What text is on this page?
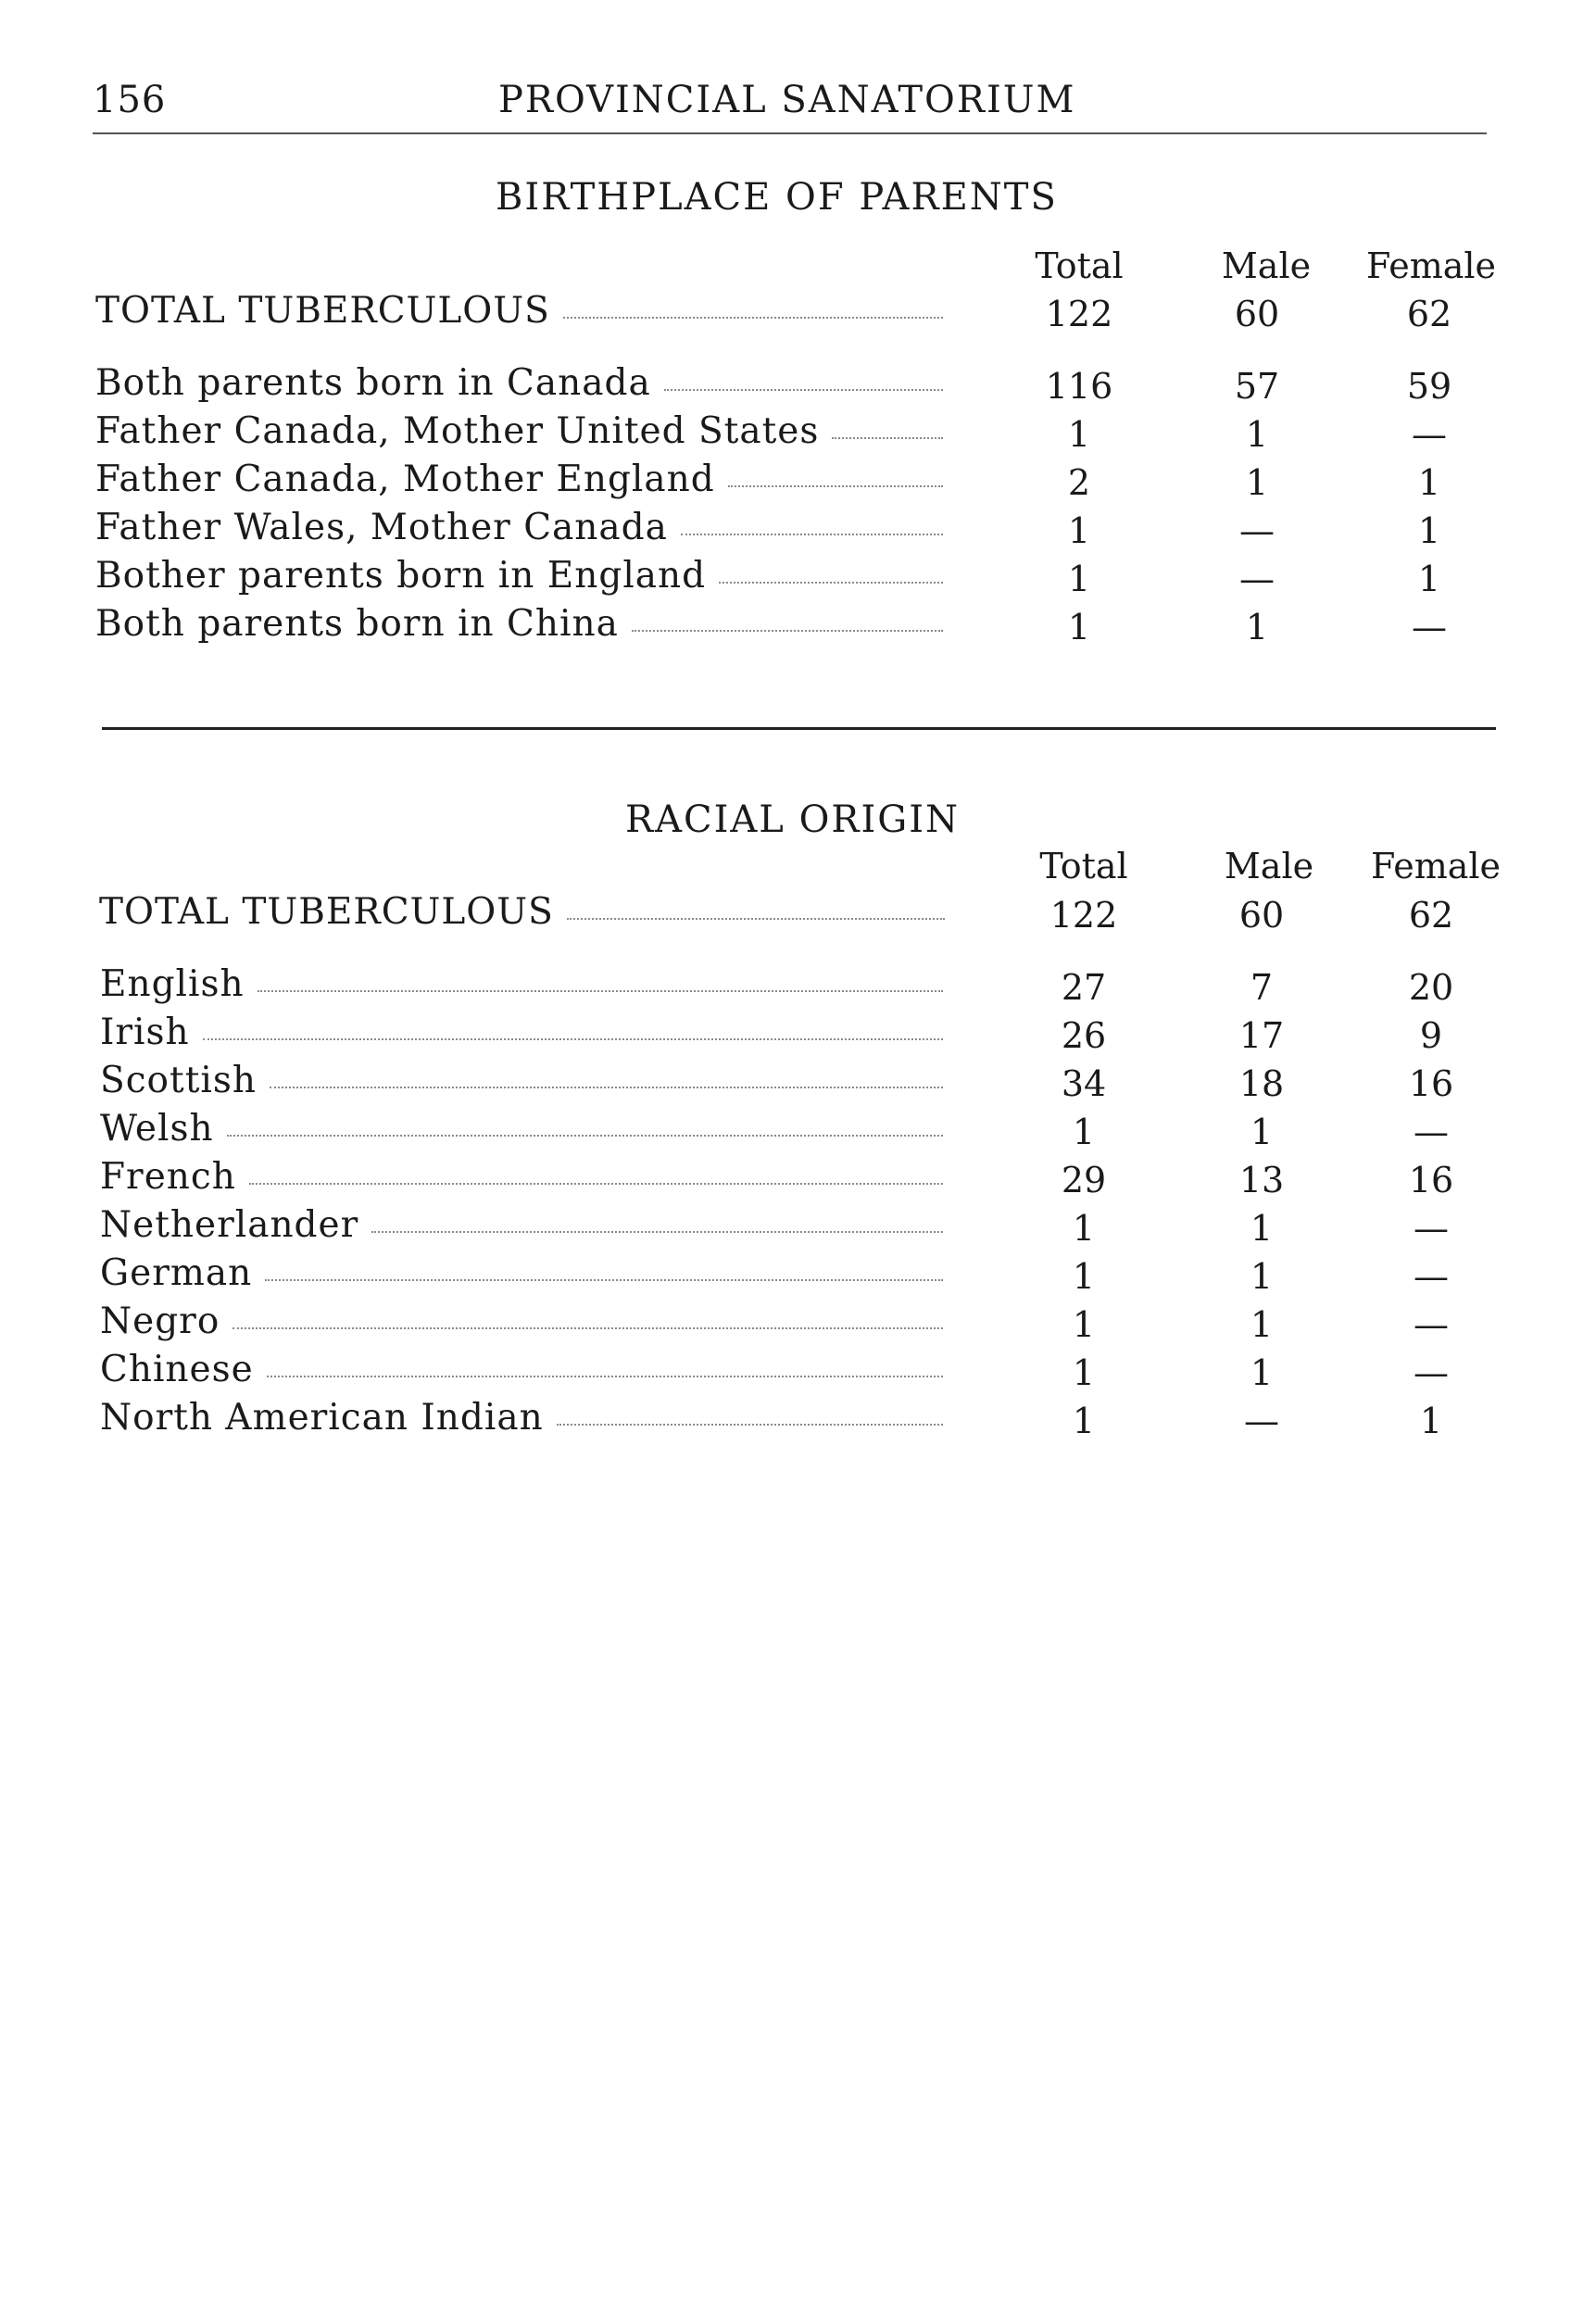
156	PROVINCIAL SANATORIUM
BIRTHPLACE OF PARENTS
Total	Male	Female
TOTAL TUBERCULOUS	122	60	62
Both parents born in Canada	116	57	59
Father Canada, Mother United States	1	1	—
Father Canada, Mother England	2	1	1
Father Wales, Mother Canada	1	—	1
Bother parents born in England	1	—	1
Both parents born in China	1	1	—
RACIAL ORIGIN
Total	Male	Female
TOTAL TUBERCULOUS	122	60	62
English	27	7	20
Irish	26	17	9
Scottish	34	18	16
Welsh	1	1	—
French	29	13	16
Netherlander	1	1	—
German	1	1	—
Negro	1	1	—
Chinese	1	1	—
North American Indian	1	—	1
